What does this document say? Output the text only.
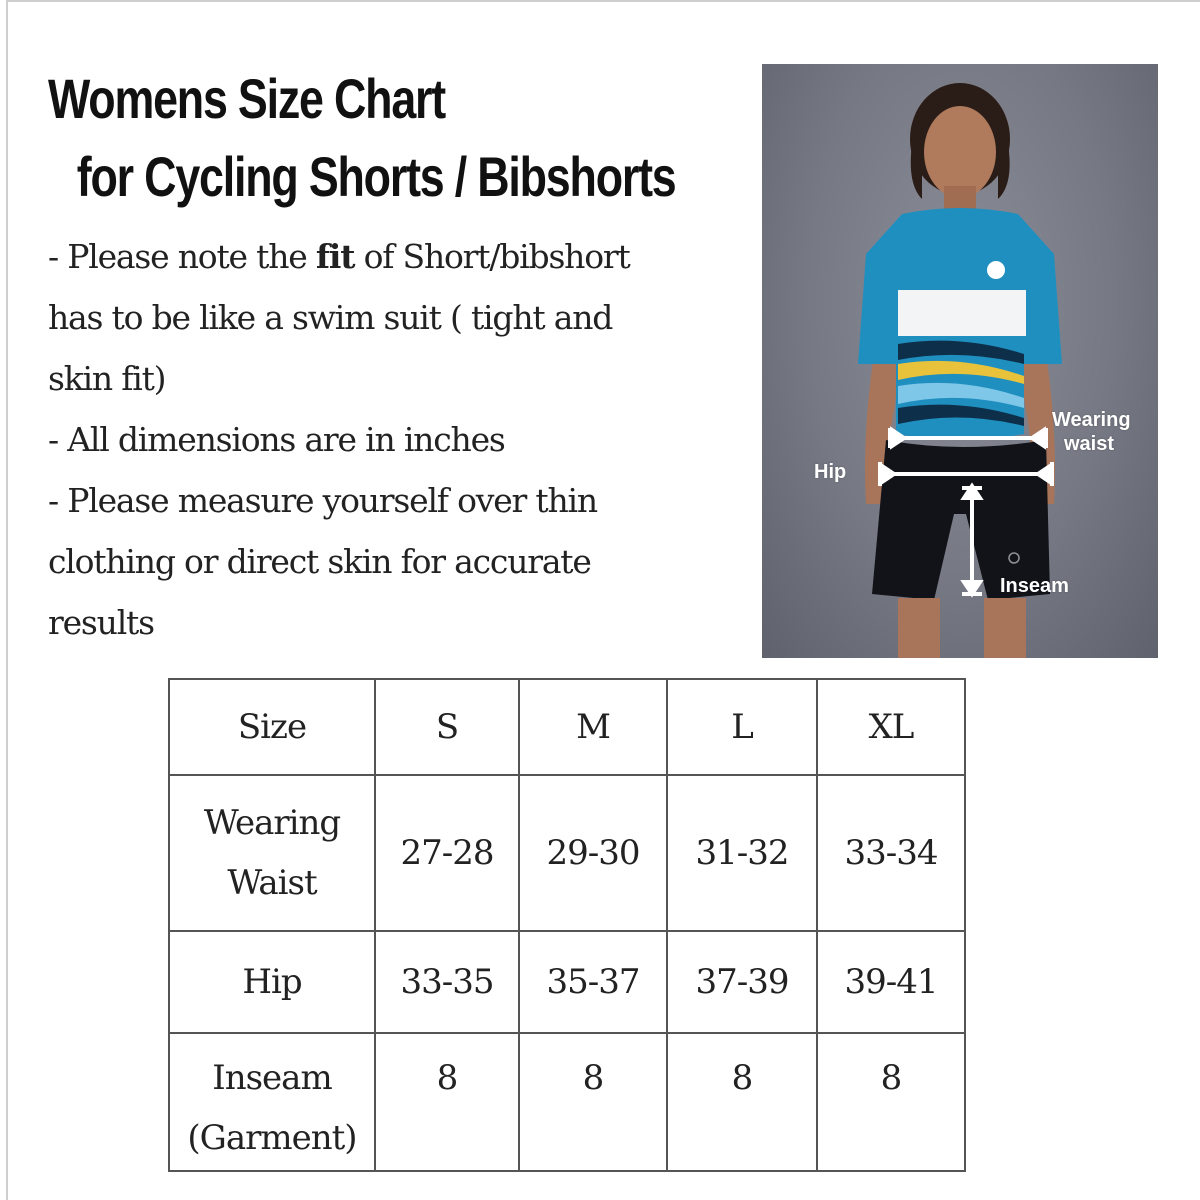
Womens Size Chart

for Cycling Shorts / Bibshorts

- Please note the fit of Short/bibshort

has to be like a swim suit ( tight and

skin fit)

- All dimensions are in inches

- Please measure yourself over thin

clothing or direct skin for accurate

results

Wearing
waist
Hip
Inseam
Size	S	M	L	XL

Wearing
Waist	27-28	29-30	31-32	33-34
Hip	33-35	35-37	37-39	39-41

Inseam
(Garment)	8	8	8	8
